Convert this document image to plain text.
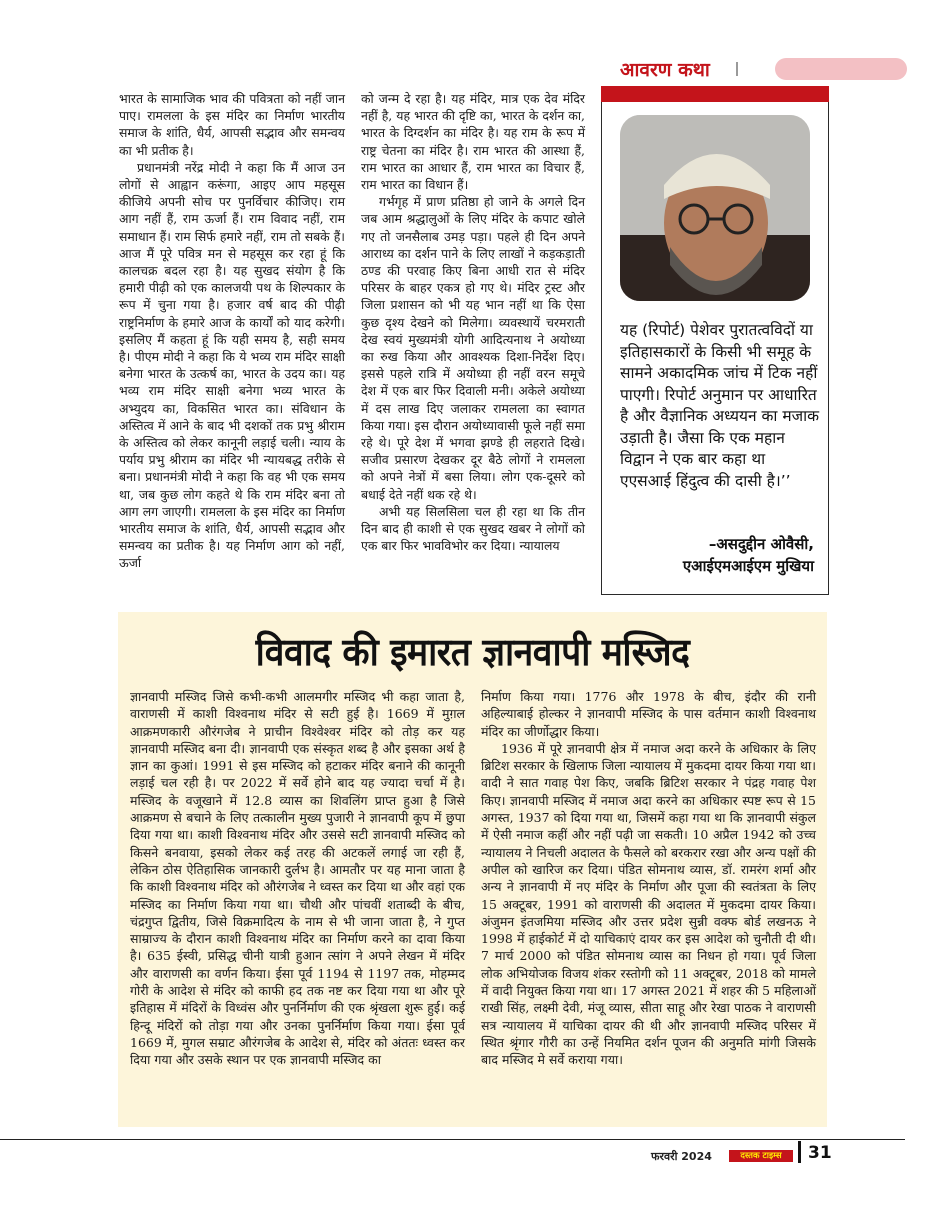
आवरण कथा

भारत के सामाजिक भाव की पवित्रता को नहीं जान पाए। रामलला के इस मंदिर का निर्माण भारतीय समाज के शांति, धैर्य, आपसी सद्भाव और समन्वय का भी प्रतीक है।

प्रधानमंत्री नरेंद्र मोदी ने कहा कि मैं आज उन लोगों से आह्वान करूंगा, आइए आप महसूस कीजिये अपनी सोच पर पुनर्विचार कीजिए। राम आग नहीं हैं, राम ऊर्जा हैं। राम विवाद नहीं, राम समाधान हैं। राम सिर्फ हमारे नहीं, राम तो सबके हैं। आज मैं पूरे पवित्र मन से महसूस कर रहा हूं कि कालचक्र बदल रहा है। यह सुखद संयोग है कि हमारी पीढ़ी को एक कालजयी पथ के शिल्पकार के रूप में चुना गया है। हजार वर्ष बाद की पीढ़ी राष्ट्रनिर्माण के हमारे आज के कार्यों को याद करेगी। इसलिए मैं कहता हूं कि यही समय है, सही समय है। पीएम मोदी ने कहा कि ये भव्य राम मंदिर साक्षी बनेगा भारत के उत्कर्ष का, भारत के उदय का। यह भव्य राम मंदिर साक्षी बनेगा भव्य भारत के अभ्युदय का, विकसित भारत का। संविधान के अस्तित्व में आने के बाद भी दशकों तक प्रभु श्रीराम के अस्तित्व को लेकर कानूनी लड़ाई चली। न्याय के पर्याय प्रभु श्रीराम का मंदिर भी न्यायबद्ध तरीके से बना। प्रधानमंत्री मोदी ने कहा कि वह भी एक समय था, जब कुछ लोग कहते थे कि राम मंदिर बना तो आग लग जाएगी। रामलला के इस मंदिर का निर्माण भारतीय समाज के शांति, धैर्य, आपसी सद्भाव और समन्वय का प्रतीक है। यह निर्माण आग को नहीं, ऊर्जा

को जन्म दे रहा है। यह मंदिर, मात्र एक देव मंदिर नहीं है, यह भारत की दृष्टि का, भारत के दर्शन का, भारत के दिग्दर्शन का मंदिर है। यह राम के रूप में राष्ट्र चेतना का मंदिर है। राम भारत की आस्था हैं, राम भारत का आधार हैं, राम भारत का विचार हैं, राम भारत का विधान हैं।

गर्भगृह में प्राण प्रतिष्ठा हो जाने के अगले दिन जब आम श्रद्धालुओं के लिए मंदिर के कपाट खोले गए तो जनसैलाब उमड़ पड़ा। पहले ही दिन अपने आराध्य का दर्शन पाने के लिए लाखों ने कड़कड़ाती ठण्ड की परवाह किए बिना आधी रात से मंदिर परिसर के बाहर एकत्र हो गए थे। मंदिर ट्रस्ट और जिला प्रशासन को भी यह भान नहीं था कि ऐसा कुछ दृश्य देखने को मिलेगा। व्यवस्थायें चरमराती देख स्वयं मुख्यमंत्री योगी आदित्यनाथ ने अयोध्या का रुख किया और आवश्यक दिशा-निर्देश दिए। इससे पहले रात्रि में अयोध्या ही नहीं वरन समूचे देश में एक बार फिर दिवाली मनी। अकेले अयोध्या में दस लाख दिए जलाकर रामलला का स्वागत किया गया। इस दौरान अयोध्यावासी फूले नहीं समा रहे थे। पूरे देश में भगवा झण्डे ही लहराते दिखे। सजीव प्रसारण देखकर दूर बैठे लोगों ने रामलला को अपने नेत्रों में बसा लिया। लोग एक-दूसरे को बधाई देते नहीं थक रहे थे।

अभी यह सिलसिला चल ही रहा था कि तीन दिन बाद ही काशी से एक सुखद खबर ने लोगों को एक बार फिर भावविभोर कर दिया। न्यायालय

यह (रिपोर्ट) पेशेवर पुरातत्वविदों या इतिहासकारों के किसी भी समूह के सामने अकादमिक जांच में टिक नहीं पाएगी। रिपोर्ट अनुमान पर आधारित है और वैज्ञानिक अध्ययन का मजाक उड़ाती है। जैसा कि एक महान विद्वान ने एक बार कहा था एएसआई हिंदुत्व की दासी है।’’
–असदुद्दीन ओवैसी,
एआईएमआईएम मुखिया
विवाद की इमारत ज्ञानवापी मस्जिद

ज्ञानवापी मस्जिद जिसे कभी-कभी आलमगीर मस्जिद भी कहा जाता है, वाराणसी में काशी विश्वनाथ मंदिर से सटी हुई है। 1669 में मुग़ल आक्रमणकारी औरंगजेब ने प्राचीन विश्वेश्वर मंदिर को तोड़ कर यह ज्ञानवापी मस्जिद बना दी। ज्ञानवापी एक संस्कृत शब्द है और इसका अर्थ है ज्ञान का कुआं। 1991 से इस मस्जिद को हटाकर मंदिर बनाने की कानूनी लड़ाई चल रही है। पर 2022 में सर्वे होने बाद यह ज्यादा चर्चा में है। मस्जिद के वजूखाने में 12.8 व्यास का शिवलिंग प्राप्त हुआ है जिसे आक्रमण से बचाने के लिए तत्कालीन मुख्य पुजारी ने ज्ञानवापी कूप में छुपा दिया गया था। काशी विश्वनाथ मंदिर और उससे सटी ज्ञानवापी मस्जिद को किसने बनवाया, इसको लेकर कई तरह की अटकलें लगाई जा रही हैं, लेकिन ठोस ऐतिहासिक जानकारी दुर्लभ है। आमतौर पर यह माना जाता है कि काशी विश्वनाथ मंदिर को औरंगजेब ने ध्वस्त कर दिया था और वहां एक मस्जिद का निर्माण किया गया था। चौथी और पांचवीं शताब्दी के बीच, चंद्रगुप्त द्वितीय, जिसे विक्रमादित्य के नाम से भी जाना जाता है, ने गुप्त साम्राज्य के दौरान काशी विश्वनाथ मंदिर का निर्माण करने का दावा किया है। 635 ईस्वी, प्रसिद्ध चीनी यात्री हुआन त्सांग ने अपने लेखन में मंदिर और वाराणसी का वर्णन किया। ईसा पूर्व 1194 से 1197 तक, मोहम्मद गोरी के आदेश से मंदिर को काफी हद तक नष्ट कर दिया गया था और पूरे इतिहास में मंदिरों के विध्वंस और पुनर्निर्माण की एक श्रृंखला शुरू हुई। कई हिन्दू मंदिरों को तोड़ा गया और उनका पुनर्निर्माण किया गया। ईसा पूर्व 1669 में, मुगल सम्राट औरंगजेब के आदेश से, मंदिर को अंततः ध्वस्त कर दिया गया और उसके स्थान पर एक ज्ञानवापी मस्जिद का

निर्माण किया गया। 1776 और 1978 के बीच, इंदौर की रानी अहिल्याबाई होल्कर ने ज्ञानवापी मस्जिद के पास वर्तमान काशी विश्वनाथ मंदिर का जीर्णोद्धार किया।

1936 में पूरे ज्ञानवापी क्षेत्र में नमाज अदा करने के अधिकार के लिए ब्रिटिश सरकार के खिलाफ जिला न्यायालय में मुकदमा दायर किया गया था। वादी ने सात गवाह पेश किए, जबकि ब्रिटिश सरकार ने पंद्रह गवाह पेश किए। ज्ञानवापी मस्जिद में नमाज अदा करने का अधिकार स्पष्ट रूप से 15 अगस्त, 1937 को दिया गया था, जिसमें कहा गया था कि ज्ञानवापी संकुल में ऐसी नमाज कहीं और नहीं पढ़ी जा सकती। 10 अप्रैल 1942 को उच्च न्यायालय ने निचली अदालत के फैसले को बरकरार रखा और अन्य पक्षों की अपील को खारिज कर दिया। पंडित सोमनाथ व्यास, डॉ. रामरंग शर्मा और अन्य ने ज्ञानवापी में नए मंदिर के निर्माण और पूजा की स्वतंत्रता के लिए 15 अक्टूबर, 1991 को वाराणसी की अदालत में मुकदमा दायर किया। अंजुमन इंतजमिया मस्जिद और उत्तर प्रदेश सुन्नी वक्फ बोर्ड लखनऊ ने 1998 में हाईकोर्ट में दो याचिकाएं दायर कर इस आदेश को चुनौती दी थी। 7 मार्च 2000 को पंडित सोमनाथ व्यास का निधन हो गया। पूर्व जिला लोक अभियोजक विजय शंकर रस्तोगी को 11 अक्टूबर, 2018 को मामले में वादी नियुक्त किया गया था। 17 अगस्त 2021 में शहर की 5 महिलाओं राखी सिंह, लक्ष्मी देवी, मंजू व्यास, सीता साहू और रेखा पाठक ने वाराणसी सत्र न्यायालय में याचिका दायर की थी और ज्ञानवापी मस्जिद परिसर में स्थित श्रृंगार गौरी का उन्हें नियमित दर्शन पूजन की अनुमति मांगी जिसके बाद मस्जिद मे सर्वे कराया गया।

फरवरी 2024	दस्तक टाइम्स	31
